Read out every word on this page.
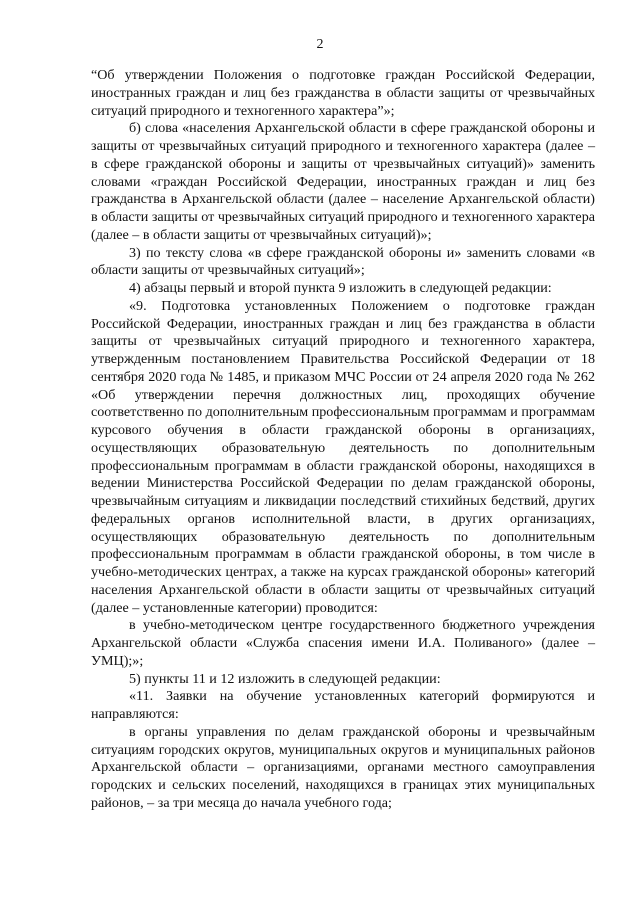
2

“Об утверждении Положения о подготовке граждан Российской Федерации, иностранных граждан и лиц без гражданства в области защиты от чрезвычайных ситуаций природного и техногенного характера”»;

б) слова «населения Архангельской области в сфере гражданской обороны и защиты от чрезвычайных ситуаций природного и техногенного характера (далее – в сфере гражданской обороны и защиты от чрезвычайных ситуаций)» заменить словами «граждан Российской Федерации, иностранных граждан и лиц без гражданства в Архангельской области (далее – население Архангельской области) в области защиты от чрезвычайных ситуаций природного и техногенного характера (далее – в области защиты от чрезвычайных ситуаций)»;

3) по тексту слова «в сфере гражданской обороны и» заменить словами «в области защиты от чрезвычайных ситуаций»;

4) абзацы первый и второй пункта 9 изложить в следующей редакции:

«9. Подготовка установленных Положением о подготовке граждан Российской Федерации, иностранных граждан и лиц без гражданства в области защиты от чрезвычайных ситуаций природного и техногенного характера, утвержденным постановлением Правительства Российской Федерации от 18 сентября 2020 года № 1485, и приказом МЧС России от 24 апреля 2020 года № 262 «Об утверждении перечня должностных лиц, проходящих обучение соответственно по дополнительным профессиональным программам и программам курсового обучения в области гражданской обороны в организациях, осуществляющих образовательную деятельность по дополнительным профессиональным программам в области гражданской обороны, находящихся в ведении Министерства Российской Федерации по делам гражданской обороны, чрезвычайным ситуациям и ликвидации последствий стихийных бедствий, других федеральных органов исполнительной власти, в других организациях, осуществляющих образовательную деятельность по дополнительным профессиональным программам в области гражданской обороны, в том числе в учебно-методических центрах, а также на курсах гражданской обороны» категорий населения Архангельской области в области защиты от чрезвычайных ситуаций (далее – установленные категории) проводится:

в учебно-методическом центре государственного бюджетного учреждения Архангельской области «Служба спасения имени И.А. Поливаного» (далее – УМЦ);»;

5) пункты 11 и 12 изложить в следующей редакции:

«11. Заявки на обучение установленных категорий формируются и направляются:

в органы управления по делам гражданской обороны и чрезвычайным ситуациям городских округов, муниципальных округов и муниципальных районов Архангельской области – организациями, органами местного самоуправления городских и сельских поселений, находящихся в границах этих муниципальных районов, – за три месяца до начала учебного года;
